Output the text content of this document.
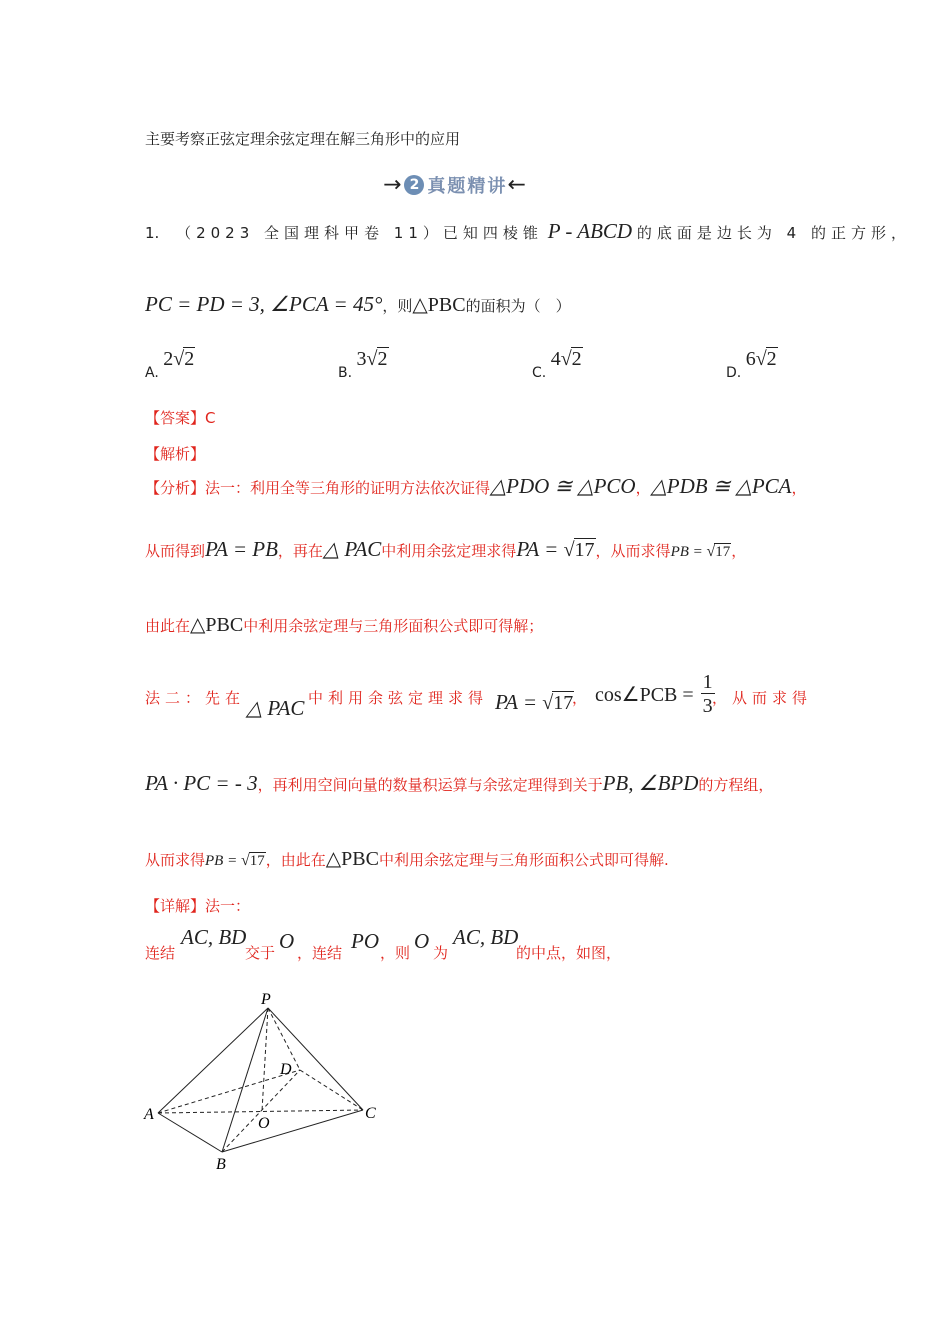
主要考察正弦定理余弦定理在解三角形中的应用
→ 2 真题精讲←
1. （2023 全国理科甲卷 11）已知四棱锥 P - ABCD 的底面是边长为 4 的正方形，
PC = PD = 3, ∠PCA = 45°，则△PBC的面积为（　）
A. 2√2
B. 3√2
C. 4√2
D. 6√2
【答案】C
【解析】
【分析】法一：利用全等三角形的证明方法依次证得△PDO ≅ △PCO，△PDB ≅ △PCA，
从而得到PA = PB，再在△ PAC中利用余弦定理求得PA = √17，从而求得PB = √17，
由此在△PBC中利用余弦定理与三角形面积公式即可得解；
法二：先在 △ PAC 中利用余弦定理求得 PA = √17
， cos∠PCB = $\frac{1}{3}$
，从而求得
PA · PC = - 3，再利用空间向量的数量积运算与余弦定理得到关于PB, ∠BPD的方程组，
从而求得PB = √17，由此在△PBC中利用余弦定理与三角形面积公式即可得解.
【详解】法一：
连结
AC, BD
交于 O ，连结 PO ，则 O 为
AC, BD
的中点，如图，
P
D
A
O
C
B
